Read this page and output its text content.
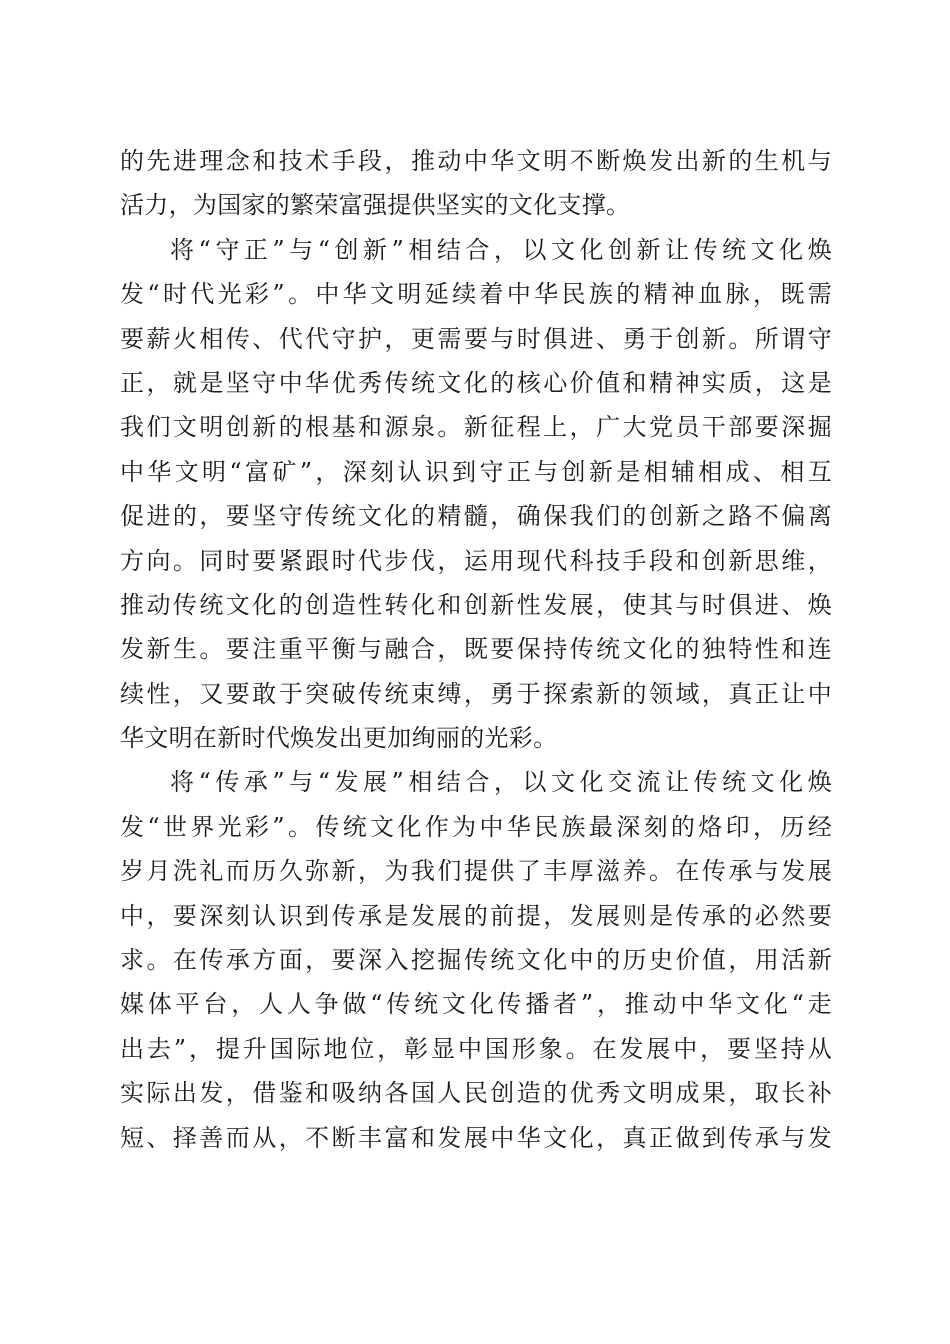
的先进理念和技术手段，推动中华文明不断焕发出新的生机与
活力，为国家的繁荣富强提供坚实的文化支撑。
将“守正”与“创新”相结合，以文化创新让传统文化焕
发“时代光彩”。中华文明延续着中华民族的精神血脉，既需
要薪火相传、代代守护，更需要与时俱进、勇于创新。所谓守
正，就是坚守中华优秀传统文化的核心价值和精神实质，这是
我们文明创新的根基和源泉。新征程上，广大党员干部要深掘
中华文明“富矿”，深刻认识到守正与创新是相辅相成、相互
促进的，要坚守传统文化的精髓，确保我们的创新之路不偏离
方向。同时要紧跟时代步伐，运用现代科技手段和创新思维，
推动传统文化的创造性转化和创新性发展，使其与时俱进、焕
发新生。要注重平衡与融合，既要保持传统文化的独特性和连
续性，又要敢于突破传统束缚，勇于探索新的领域，真正让中
华文明在新时代焕发出更加绚丽的光彩。
将“传承”与“发展”相结合，以文化交流让传统文化焕
发“世界光彩”。传统文化作为中华民族最深刻的烙印，历经
岁月洗礼而历久弥新，为我们提供了丰厚滋养。在传承与发展
中，要深刻认识到传承是发展的前提，发展则是传承的必然要
求。在传承方面，要深入挖掘传统文化中的历史价值，用活新
媒体平台，人人争做“传统文化传播者”，推动中华文化“走
出去”，提升国际地位，彰显中国形象。在发展中，要坚持从
实际出发，借鉴和吸纳各国人民创造的优秀文明成果，取长补
短、择善而从，不断丰富和发展中华文化，真正做到传承与发
